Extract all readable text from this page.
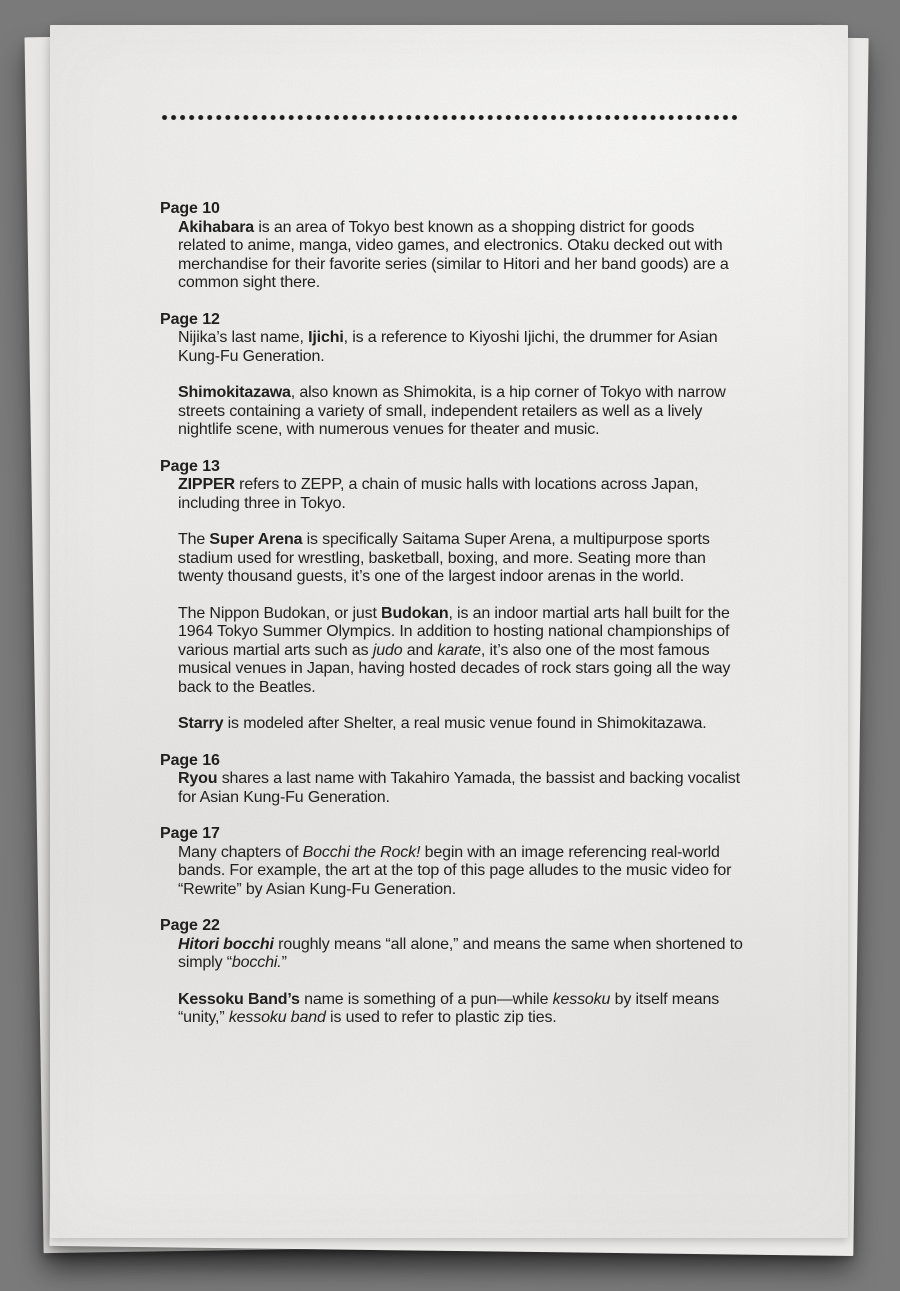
Page 10

Akihabara is an area of Tokyo best known as a shopping district for goods related to anime, manga, video games, and electronics. Otaku decked out with merchandise for their favorite series (similar to Hitori and her band goods) are a common sight there.

Page 12

Nijika’s last name, Ijichi, is a reference to Kiyoshi Ijichi, the drummer for Asian Kung-Fu Generation.

Shimokitazawa, also known as Shimokita, is a hip corner of Tokyo with narrow streets containing a variety of small, independent retailers as well as a lively nightlife scene, with numerous venues for theater and music.

Page 13

ZIPPER refers to ZEPP, a chain of music halls with locations across Japan, including three in Tokyo.

The Super Arena is specifically Saitama Super Arena, a multipurpose sports stadium used for wrestling, basketball, boxing, and more. Seating more than twenty thousand guests, it’s one of the largest indoor arenas in the world.

The Nippon Budokan, or just Budokan, is an indoor martial arts hall built for the 1964 Tokyo Summer Olympics. In addition to hosting national championships of various martial arts such as judo and karate, it’s also one of the most famous musical venues in Japan, having hosted decades of rock stars going all the way back to the Beatles.

Starry is modeled after Shelter, a real music venue found in Shimokitazawa.

Page 16

Ryou shares a last name with Takahiro Yamada, the bassist and backing vocalist for Asian Kung-Fu Generation.

Page 17

Many chapters of Bocchi the Rock! begin with an image referencing real-world bands. For example, the art at the top of this page alludes to the music video for “Rewrite” by Asian Kung-Fu Generation.

Page 22

Hitori bocchi roughly means “all alone,” and means the same when shortened to simply “bocchi.”

Kessoku Band’s name is something of a pun—while kessoku by itself means “unity,” kessoku band is used to refer to plastic zip ties.
